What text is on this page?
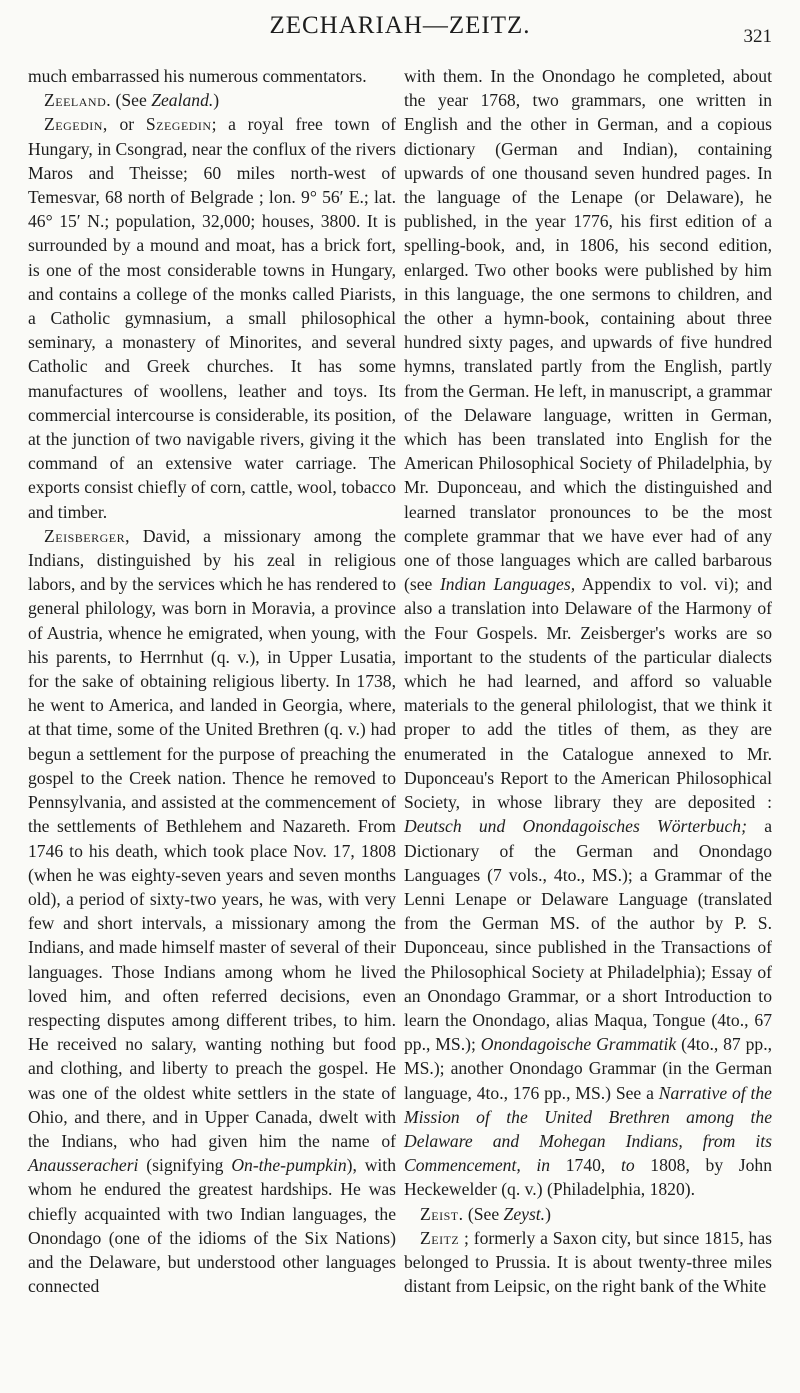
ZECHARIAH—ZEITZ.	321

much embarrassed his numerous commentators.

Zeeland. (See Zealand.)

Zegedin, or Szegedin; a royal free town of Hungary, in Csongrad, near the conflux of the rivers Maros and Theisse; 60 miles north-west of Temesvar, 68 north of Belgrade ; lon. 9° 56′ E.; lat. 46° 15′ N.; population, 32,000; houses, 3800. It is surrounded by a mound and moat, has a brick fort, is one of the most considerable towns in Hungary, and contains a college of the monks called Piarists, a Catholic gymnasium, a small philosophical seminary, a monastery of Minorites, and several Catholic and Greek churches. It has some manufactures of woollens, leather and toys. Its commercial intercourse is considerable, its position, at the junction of two navigable rivers, giving it the command of an extensive water carriage. The exports consist chiefly of corn, cattle, wool, tobacco and timber.

Zeisberger, David, a missionary among the Indians, distinguished by his zeal in religious labors, and by the services which he has rendered to general philology, was born in Moravia, a province of Austria, whence he emigrated, when young, with his parents, to Herrnhut (q. v.), in Upper Lusatia, for the sake of obtaining religious liberty. In 1738, he went to America, and landed in Georgia, where, at that time, some of the United Brethren (q. v.) had begun a settlement for the purpose of preaching the gospel to the Creek nation. Thence he removed to Pennsylvania, and assisted at the commencement of the settlements of Bethlehem and Nazareth. From 1746 to his death, which took place Nov. 17, 1808 (when he was eighty-seven years and seven months old), a period of sixty-two years, he was, with very few and short intervals, a missionary among the Indians, and made himself master of several of their languages. Those Indians among whom he lived loved him, and often referred decisions, even respecting disputes among different tribes, to him. He received no salary, wanting nothing but food and clothing, and liberty to preach the gospel. He was one of the oldest white settlers in the state of Ohio, and there, and in Upper Canada, dwelt with the Indians, who had given him the name of Anausseracheri (signifying On-the-pumpkin), with whom he endured the greatest hardships. He was chiefly acquainted with two Indian languages, the Onondago (one of the idioms of the Six Nations) and the Delaware, but understood other languages connected

with them. In the Onondago he completed, about the year 1768, two grammars, one written in English and the other in German, and a copious dictionary (German and Indian), containing upwards of one thousand seven hundred pages. In the language of the Lenape (or Delaware), he published, in the year 1776, his first edition of a spelling-book, and, in 1806, his second edition, enlarged. Two other books were published by him in this language, the one sermons to children, and the other a hymn-book, containing about three hundred sixty pages, and upwards of five hundred hymns, translated partly from the English, partly from the German. He left, in manuscript, a grammar of the Delaware language, written in German, which has been translated into English for the American Philosophical Society of Philadelphia, by Mr. Duponceau, and which the distinguished and learned translator pronounces to be the most complete grammar that we have ever had of any one of those languages which are called barbarous (see Indian Languages, Appendix to vol. vi); and also a translation into Delaware of the Harmony of the Four Gospels. Mr. Zeisberger's works are so important to the students of the particular dialects which he had learned, and afford so valuable materials to the general philologist, that we think it proper to add the titles of them, as they are enumerated in the Catalogue annexed to Mr. Duponceau's Report to the American Philosophical Society, in whose library they are deposited : Deutsch und Onondagoisches Wörterbuch; a Dictionary of the German and Onondago Languages (7 vols., 4to., MS.); a Grammar of the Lenni Lenape or Delaware Language (translated from the German MS. of the author by P. S. Duponceau, since published in the Transactions of the Philosophical Society at Philadelphia); Essay of an Onondago Grammar, or a short Introduction to learn the Onondago, alias Maqua, Tongue (4to., 67 pp., MS.); Onondagoische Grammatik (4to., 87 pp., MS.); another Onondago Grammar (in the German language, 4to., 176 pp., MS.) See a Narrative of the Mission of the United Brethren among the Delaware and Mohegan Indians, from its Commencement, in 1740, to 1808, by John Heckewelder (q. v.) (Philadelphia, 1820).

Zeist. (See Zeyst.)

Zeitz ; formerly a Saxon city, but since 1815, has belonged to Prussia. It is about twenty-three miles distant from Leipsic, on the right bank of the White
